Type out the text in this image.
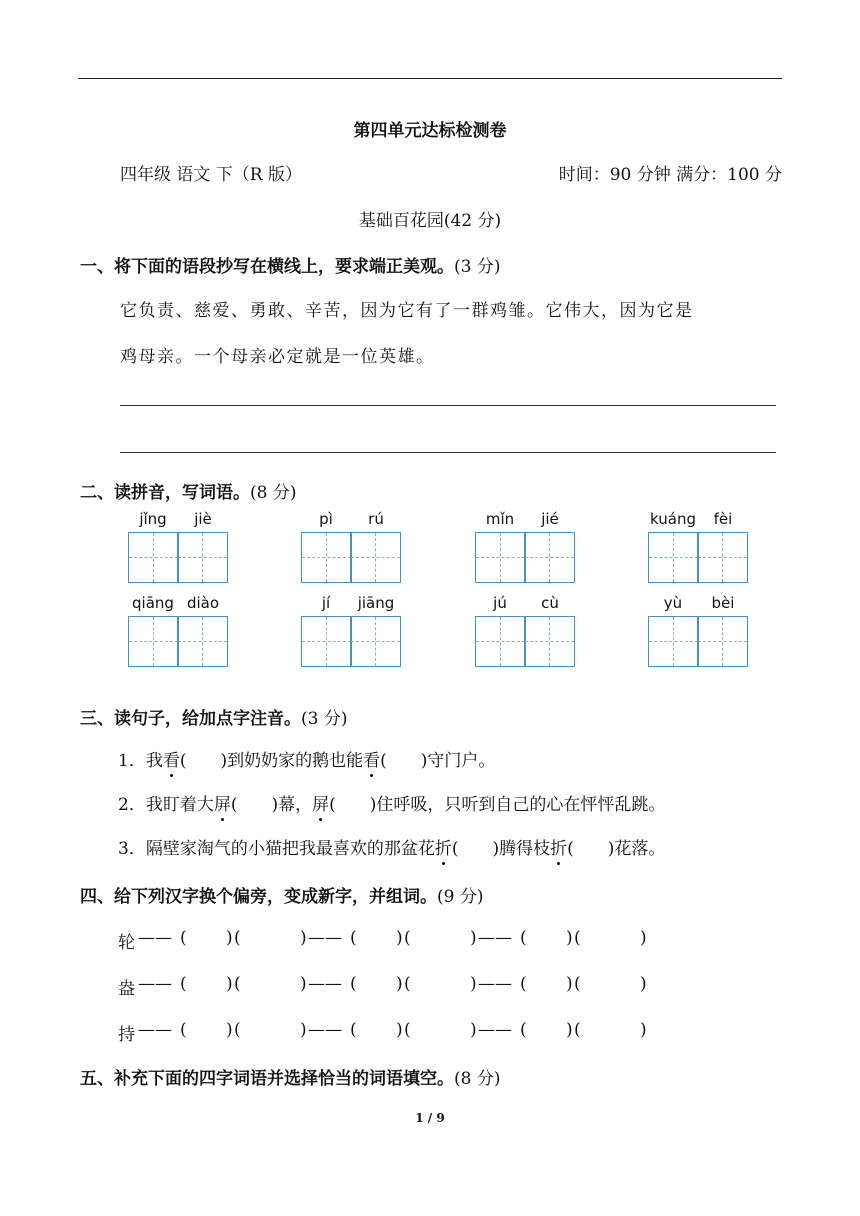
第四单元达标检测卷
四年级 语文 下（R 版）	时间：90 分钟 满分：100 分
基础百花园(42 分)
一、将下面的语段抄写在横线上，要求端正美观。(3 分)
它负责、慈爱、勇敢、辛苦，因为它有了一群鸡雏。它伟大，因为它是
鸡母亲。一个母亲必定就是一位英雄。
二、读拼音，写词语。(8 分)
jǐng	jiè	pì	rú	mǐn	jié	kuáng	fèi
qiāng diào	jí	jiāng	jú	cù	yù	bèi
三、读句子，给加点字注音。(3 分)
1．我看( )到奶奶家的鹅也能看( )守门户。
2．我盯着大屏( )幕，屏( )住呼吸，只听到自己的心在怦怦乱跳。
3．隔壁家淘气的小猫把我最喜欢的那盆花折( )腾得枝折( )花落。
四、给下列汉字换个偏旁，变成新字，并组词。(9 分)
轮 —— ( ) (	) —— ( ) (	) —— ( ) (	)
盎 —— ( ) (	) —— ( ) (	) —— ( ) (	)
持 —— ( ) (	) —— ( ) (	) —— ( ) (	)
五、补充下面的四字词语并选择恰当的词语填空。(8 分)
1 / 9
